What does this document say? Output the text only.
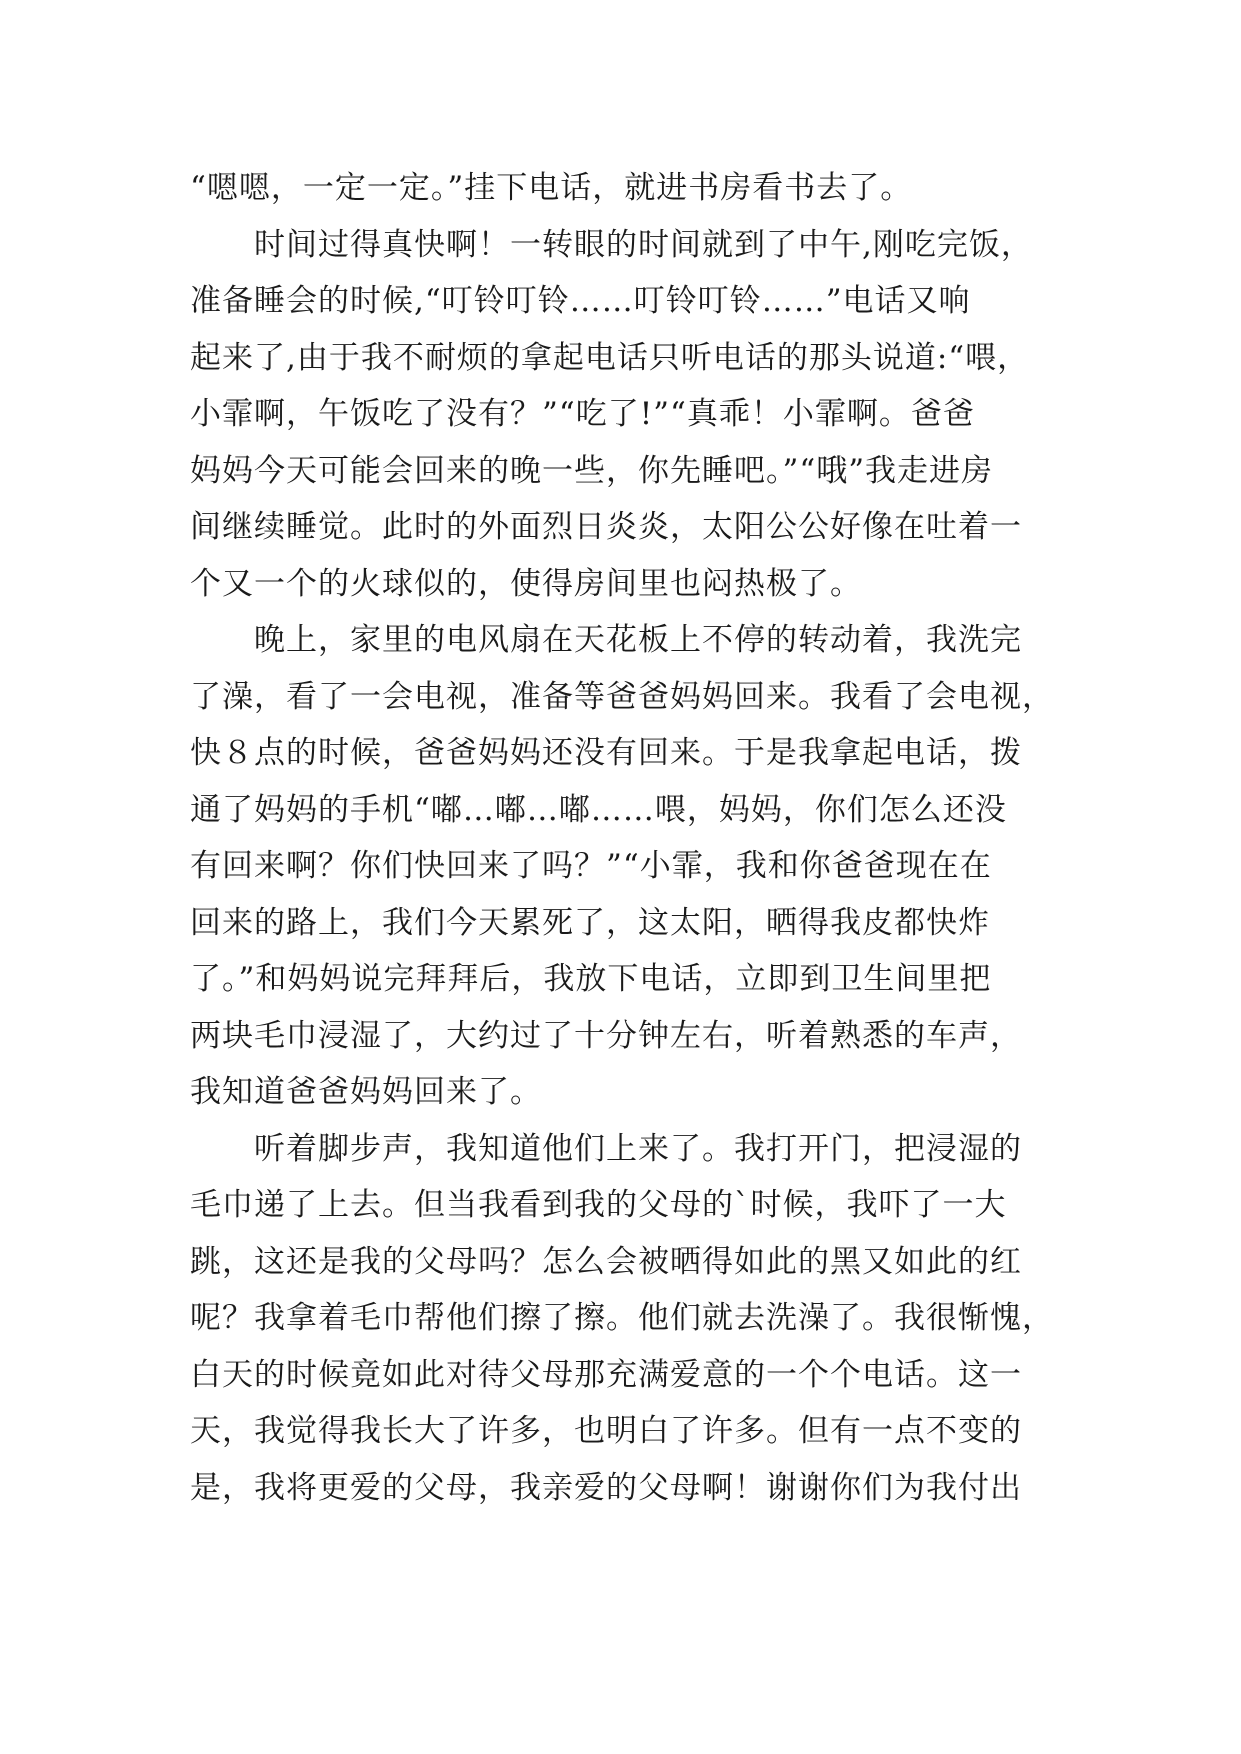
“嗯嗯，一定一定。”挂下电话，就进书房看书去了。
时间过得真快啊！一转眼的时间就到了中午,刚吃完饭，
准备睡会的时候,“叮铃叮铃……叮铃叮铃……”电话又响
起来了,由于我不耐烦的拿起电话只听电话的那头说道:“喂，
小霏啊，午饭吃了没有？”“吃了!”“真乖！小霏啊。爸爸
妈妈今天可能会回来的晚一些，你先睡吧。”“哦”我走进房
间继续睡觉。此时的外面烈日炎炎，太阳公公好像在吐着一
个又一个的火球似的，使得房间里也闷热极了。
晚上，家里的电风扇在天花板上不停的转动着，我洗完
了澡，看了一会电视，准备等爸爸妈妈回来。我看了会电视，
快８点的时候，爸爸妈妈还没有回来。于是我拿起电话，拨
通了妈妈的手机“嘟…嘟…嘟……喂，妈妈，你们怎么还没
有回来啊？你们快回来了吗？”“小霏，我和你爸爸现在在
回来的路上，我们今天累死了，这太阳，晒得我皮都快炸
了。”和妈妈说完拜拜后，我放下电话，立即到卫生间里把
两块毛巾浸湿了，大约过了十分钟左右，听着熟悉的车声，
我知道爸爸妈妈回来了。
听着脚步声，我知道他们上来了。我打开门，把浸湿的
毛巾递了上去。但当我看到我的父母的`时候，我吓了一大
跳，这还是我的父母吗？怎么会被晒得如此的黑又如此的红
呢？我拿着毛巾帮他们擦了擦。他们就去洗澡了。我很惭愧，
白天的时候竟如此对待父母那充满爱意的一个个电话。这一
天，我觉得我长大了许多，也明白了许多。但有一点不变的
是，我将更爱的父母，我亲爱的父母啊！谢谢你们为我付出
